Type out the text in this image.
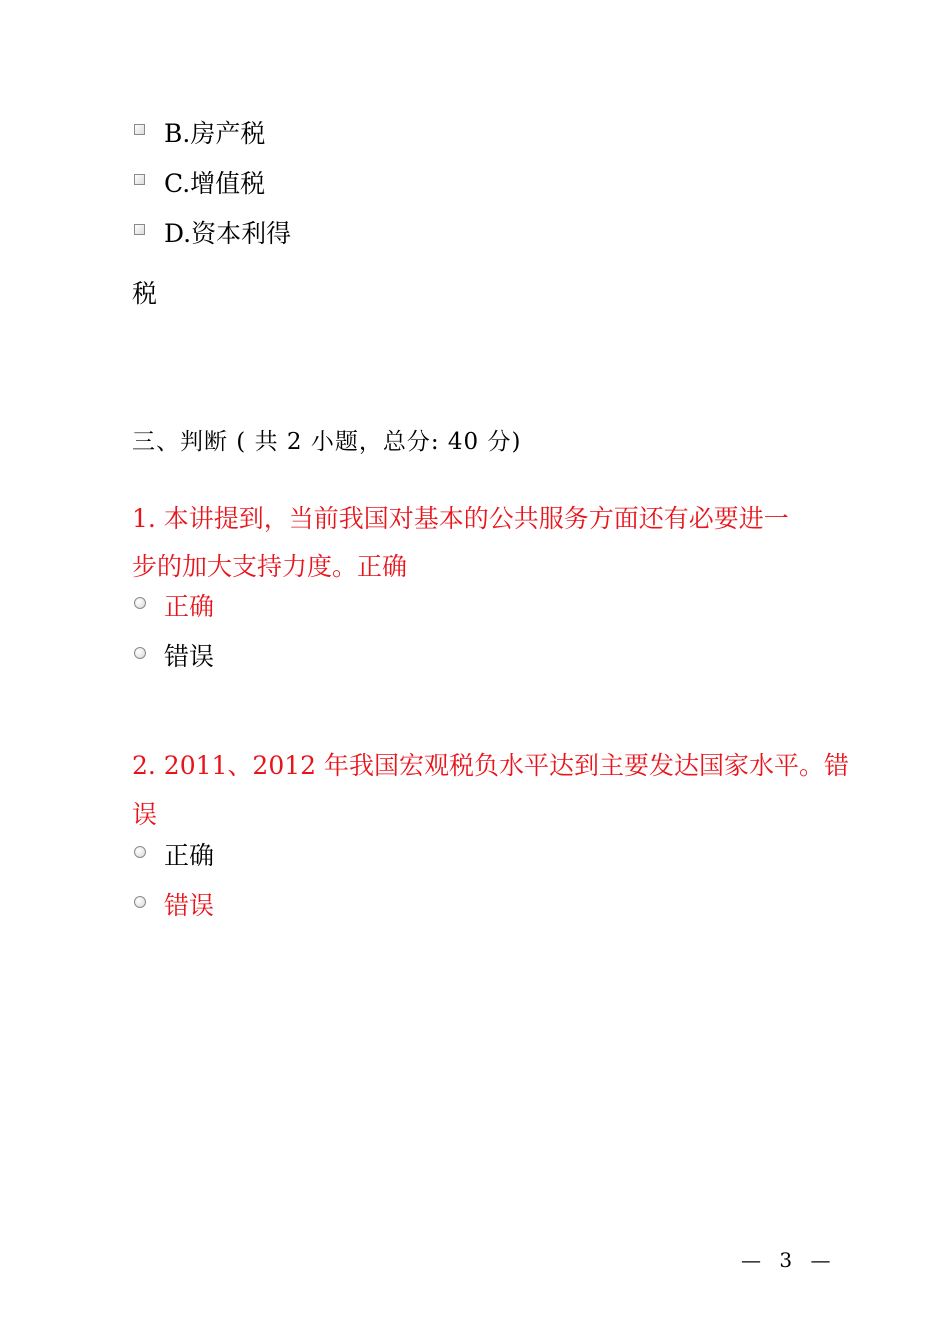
B.房产税
C.增值税
D.资本利得
税
三、判断 ( 共 2 小题，总分: 40 分)
1. 本讲提到，当前我国对基本的公共服务方面还有必要进一
步的加大支持力度。正确
正确
错误
2. 2011、2012 年我国宏观税负水平达到主要发达国家水平。错
误
正确
错误
— 3 —
